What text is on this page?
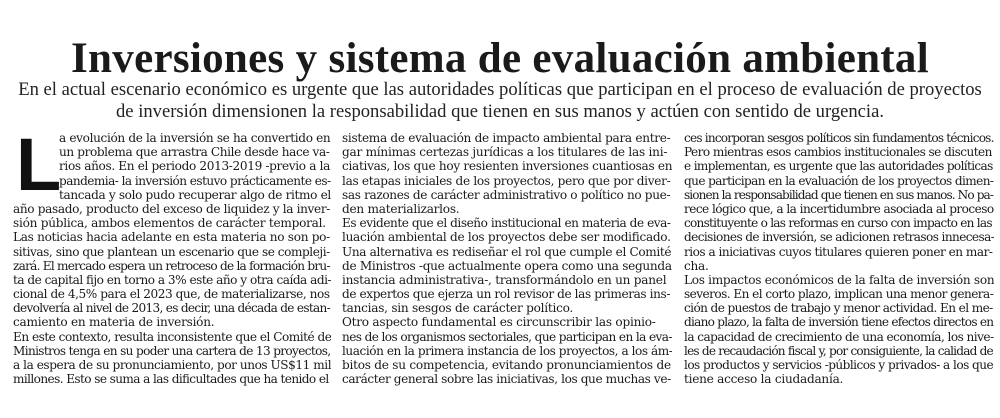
Inversiones y sistema de evaluación ambiental
En el actual escenario económico es urgente que las autoridades políticas que participan en el proceso de evaluación de proyectos
de inversión dimensionen la responsabilidad que tienen en sus manos y actúen con sentido de urgencia.
L
a evolución de la inversión se ha convertido en
un problema que arrastra Chile desde hace va-
rios años. En el periodo 2013-2019 -previo a la
pandemia- la inversión estuvo prácticamente es-
tancada y solo pudo recuperar algo de ritmo el
año pasado, producto del exceso de liquidez y la inver-
sión pública, ambos elementos de carácter temporal.
Las noticias hacia adelante en esta materia no son po-
sitivas, sino que plantean un escenario que se compleji-
zará. El mercado espera un retroceso de la formación bru-
ta de capital fijo en torno a 3% este año y otra caída adi-
cional de 4,5% para el 2023 que, de materializarse, nos
devolvería al nivel de 2013, es decir, una década de estan-
camiento en materia de inversión.
En este contexto, resulta inconsistente que el Comité de
Ministros tenga en su poder una cartera de 13 proyectos,
a la espera de su pronunciamiento, por unos US$11 mil
millones. Esto se suma a las dificultades que ha tenido el
sistema de evaluación de impacto ambiental para entre-
gar mínimas certezas jurídicas a los titulares de las ini-
ciativas, los que hoy resienten inversiones cuantiosas en
las etapas iniciales de los proyectos, pero que por diver-
sas razones de carácter administrativo o político no pue-
den materializarlos.
Es evidente que el diseño institucional en materia de eva-
luación ambiental de los proyectos debe ser modificado.
Una alternativa es rediseñar el rol que cumple el Comité
de Ministros -que actualmente opera como una segunda
instancia administrativa-, transformándolo en un panel
de expertos que ejerza un rol revisor de las primeras ins-
tancias, sin sesgos de carácter político.
Otro aspecto fundamental es circunscribir las opinio-
nes de los organismos sectoriales, que participan en la eva-
luación en la primera instancia de los proyectos, a los ám-
bitos de su competencia, evitando pronunciamientos de
carácter general sobre las iniciativas, los que muchas ve-
ces incorporan sesgos políticos sin fundamentos técnicos.
Pero mientras esos cambios institucionales se discuten
e implementan, es urgente que las autoridades políticas
que participan en la evaluación de los proyectos dimen-
sionen la responsabilidad que tienen en sus manos. No pa-
rece lógico que, a la incertidumbre asociada al proceso
constituyente o las reformas en curso con impacto en las
decisiones de inversión, se adicionen retrasos innecesa-
rios a iniciativas cuyos titulares quieren poner en mar-
cha.
Los impactos económicos de la falta de inversión son
severos. En el corto plazo, implican una menor genera-
ción de puestos de trabajo y menor actividad. En el me-
diano plazo, la falta de inversión tiene efectos directos en
la capacidad de crecimiento de una economía, los nive-
les de recaudación fiscal y, por consiguiente, la calidad de
los productos y servicios -públicos y privados- a los que
tiene acceso la ciudadanía.
